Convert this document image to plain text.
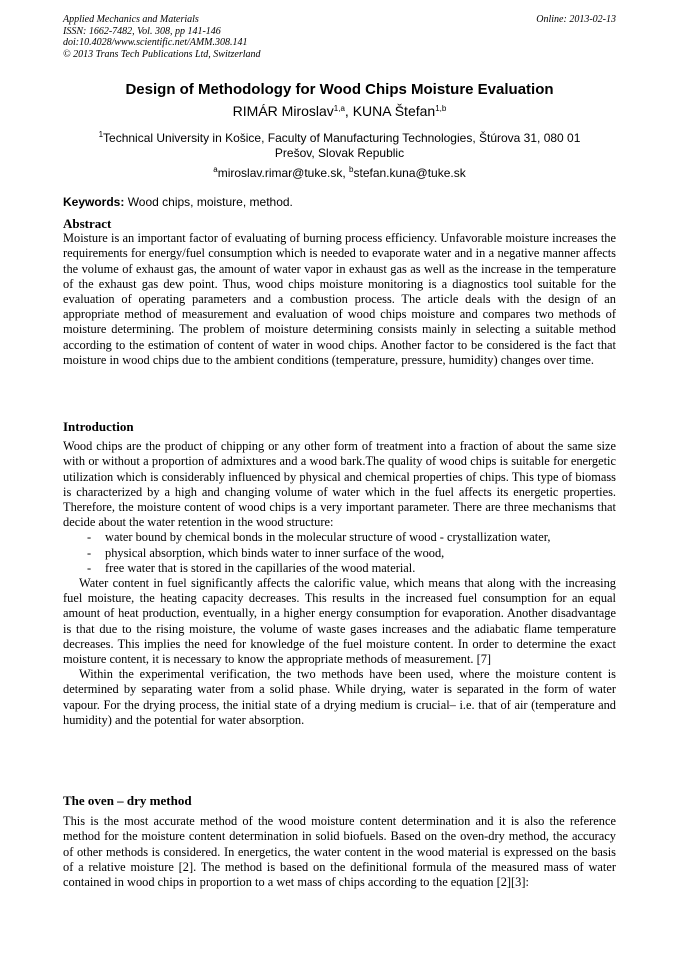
Applied Mechanics and Materials
ISSN: 1662-7482, Vol. 308, pp 141-146
doi:10.4028/www.scientific.net/AMM.308.141
© 2013 Trans Tech Publications Ltd, Switzerland
Online: 2013-02-13
Design of Methodology for Wood Chips Moisture Evaluation
RIMÁR Miroslav$^{1,a}$, KUNA Štefan$^{1,b}$
$^1$Technical University in Košice, Faculty of Manufacturing Technologies, Štúrova 31, 080 01 Prešov, Slovak Republic
$^a$miroslav.rimar@tuke.sk, $^b$stefan.kuna@tuke.sk
Keywords: Wood chips, moisture, method.
Abstract

Moisture is an important factor of evaluating of burning process efficiency. Unfavorable moisture increases the requirements for energy/fuel consumption which is needed to evaporate water and in a negative manner affects the volume of exhaust gas, the amount of water vapor in exhaust gas as well as the increase in the temperature of the exhaust gas dew point. Thus, wood chips moisture monitoring is a diagnostics tool suitable for the evaluation of operating parameters and a combustion process. The article deals with the design of an appropriate method of measurement and evaluation of wood chips moisture and compares two methods of moisture determining. The problem of moisture determining consists mainly in selecting a suitable method according to the estimation of content of water in wood chips. Another factor to be considered is the fact that moisture in wood chips due to the ambient conditions (temperature, pressure, humidity) changes over time.

Introduction

Wood chips are the product of chipping or any other form of treatment into a fraction of about the same size with or without a proportion of admixtures and a wood bark.The quality of wood chips is suitable for energetic utilization which is considerably influenced by physical and chemical properties of chips. This type of biomass is characterized by a high and changing volume of water which in the fuel affects its energetic properties. Therefore, the moisture content of wood chips is a very important parameter. There are three mechanisms that decide about the water retention in the wood structure:

- water bound by chemical bonds in the molecular structure of wood - crystallization water,
- physical absorption, which binds water to inner surface of the wood,
- free water that is stored in the capillaries of the wood material.

Water content in fuel significantly affects the calorific value, which means that along with the increasing fuel moisture, the heating capacity decreases. This results in the increased fuel consumption for an equal amount of heat production, eventually, in a higher energy consumption for evaporation. Another disadvantage is that due to the rising moisture, the volume of waste gases increases and the adiabatic flame temperature decreases. This implies the need for knowledge of the fuel moisture content. In order to determine the exact moisture content, it is necessary to know the appropriate methods of measurement. [7]

Within the experimental verification, the two methods have been used, where the moisture content is determined by separating water from a solid phase. While drying, water is separated in the form of water vapour. For the drying process, the initial state of a drying medium is crucial– i.e. that of air (temperature and humidity) and the potential for water absorption.

The oven – dry method

This is the most accurate method of the wood moisture content determination and it is also the reference method for the moisture content determination in solid biofuels. Based on the oven-dry method, the accuracy of other methods is considered. In energetics, the water content in the wood material is expressed on the basis of a relative moisture [2]. The method is based on the definitional formula of the measured mass of water contained in wood chips in proportion to a wet mass of chips according to the equation [2][3]:
